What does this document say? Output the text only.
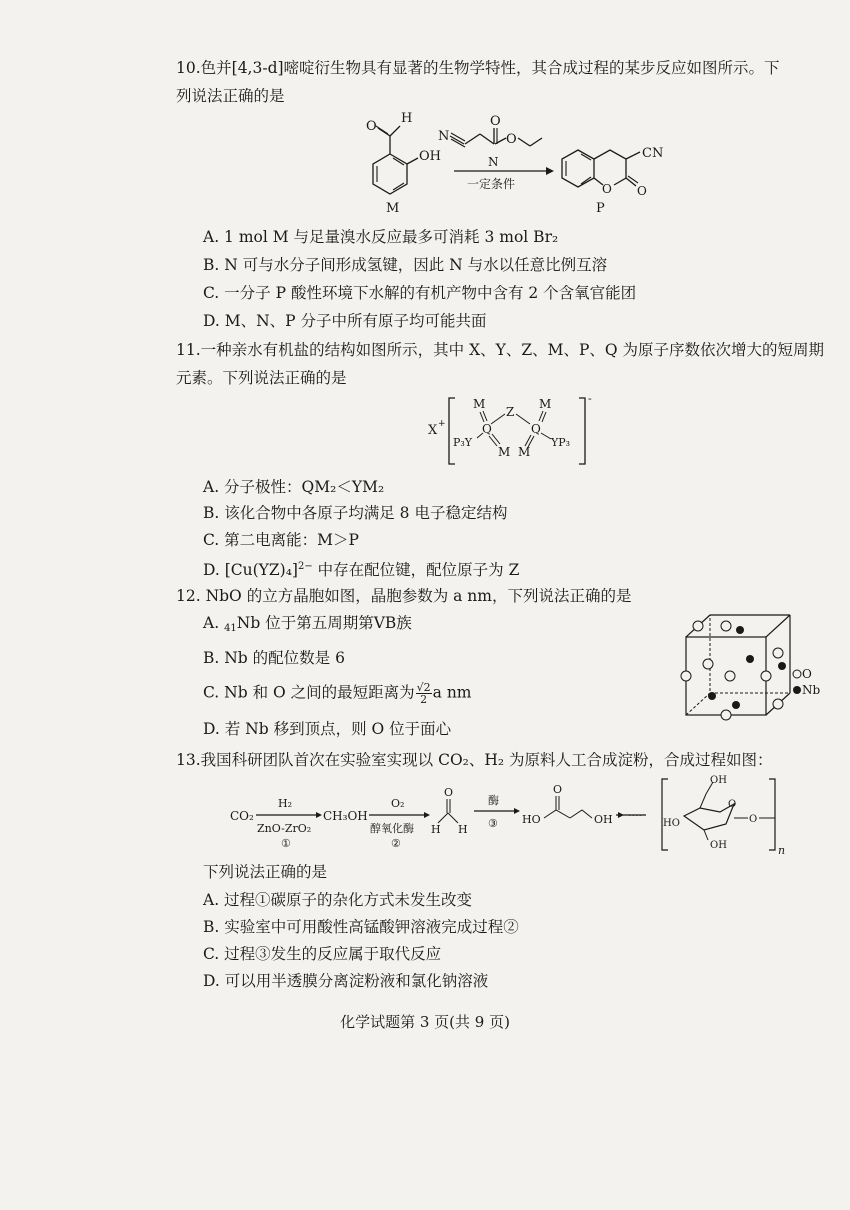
10.色并[4,3-d]嘧啶衍生物具有显著的生物学特性，其合成过程的某步反应如图所示。下
列说法正确的是
O
H
OH
M
N
O
O
N
一定条件	O O
CN
P
A. 1 mol M 与足量溴水反应最多可消耗 3 mol Br₂
B. N 可与水分子间形成氢键，因此 N 与水以任意比例互溶
C. 一分子 P 酸性环境下水解的有机产物中含有 2 个含氧官能团
D. M、N、P 分子中所有原子均可能共面
11.一种亲水有机盐的结构如图所示，其中 X、Y、Z、M、P、Q 为原子序数依次增大的短周期
元素。下列说法正确的是
X +
-
Q
M
M
P₃Y
Z
Q
M
M
YP₃
A. 分子极性：QM₂＜YM₂
B. 该化合物中各原子均满足 8 电子稳定结构
C. 第二电离能：M＞P
D. $[Cu(YZ)_4]^{2-}$ 中存在配位键，配位原子为 Z
12. NbO 的立方晶胞如图，晶胞参数为 a nm，下列说法正确的是
A. $_{41}$Nb 位于第五周期第ⅤB族
B. Nb 的配位数是 6
C. Nb 和 O 之间的最短距离为 $\frac{√2}{2}$ a nm
D. 若 Nb 移到顶点，则 O 位于面心
O
Nb
13.我国科研团队首次在实验室实现以 CO₂、H₂ 为原料人工合成淀粉，合成过程如图：
CO₂
H₂
ZnO-ZrO₂
①
CH₃OH
O₂
醇氧化酶
②
O
H H
酶
③ HO
O
OH ····
OH
O
HO
OH
O
n
下列说法正确的是
A. 过程①碳原子的杂化方式未发生改变
B. 实验室中可用酸性高锰酸钾溶液完成过程②
C. 过程③发生的反应属于取代反应
D. 可以用半透膜分离淀粉液和氯化钠溶液
化学试题第 3 页(共 9 页)
